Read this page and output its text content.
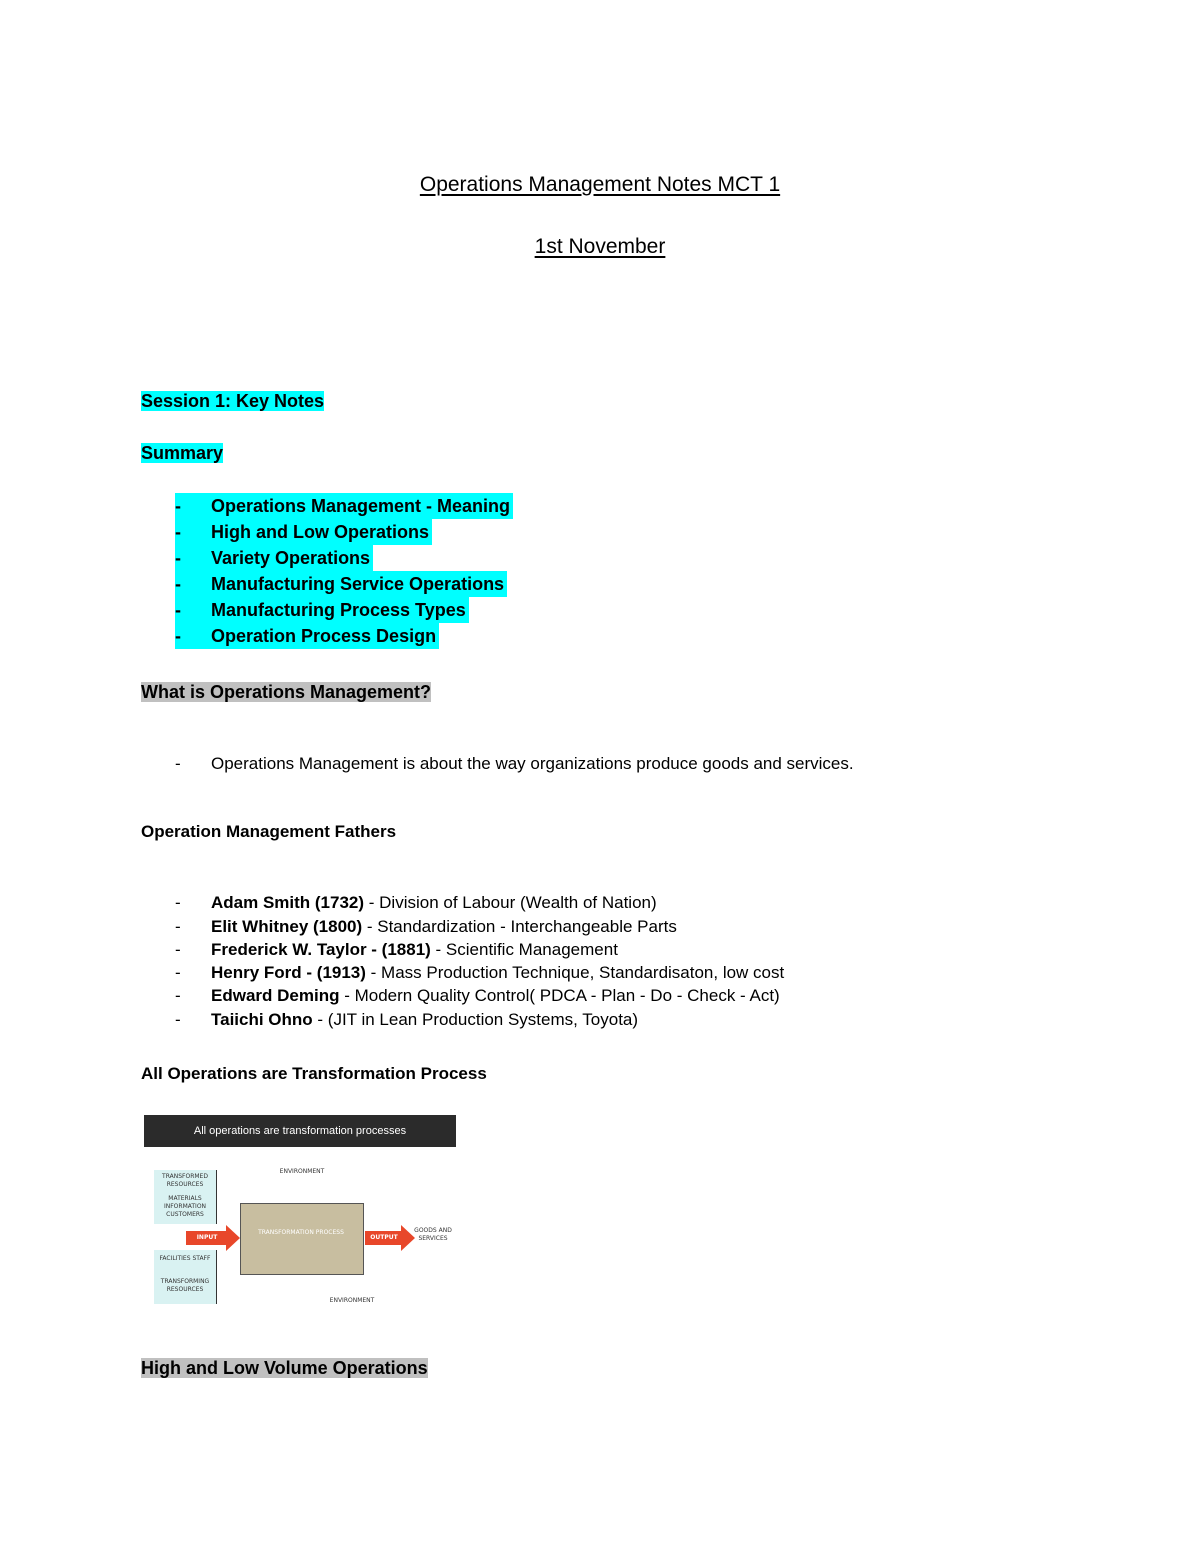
Operations Management Notes MCT 1
1st November
Session 1: Key Notes
Summary
- Operations Management - Meaning
- High and Low Operations
- Variety Operations
- Manufacturing Service Operations
- Manufacturing Process Types
- Operation Process Design
What is Operations Management?
- Operations Management is about the way organizations produce goods and services.
Operation Management Fathers
- Adam Smith (1732) - Division of Labour (Wealth of Nation)
- Elit Whitney (1800) - Standardization - Interchangeable Parts
- Frederick W. Taylor - (1881) - Scientific Management
- Henry Ford - (1913) - Mass Production Technique, Standardisaton, low cost
- Edward Deming - Modern Quality Control( PDCA - Plan - Do - Check - Act)
- Taiichi Ohno - (JIT in Lean Production Systems, Toyota)
All Operations are Transformation Process
All operations are transformation processes
ENVIRONMENT
TRANSFORMED RESOURCES
MATERIALS INFORMATION CUSTOMERS
FACILITIES STAFF
TRANSFORMING RESOURCES
INPUT
TRANSFORMATION PROCESS
OUTPUT
GOODS AND SERVICES
ENVIRONMENT
High and Low Volume Operations
